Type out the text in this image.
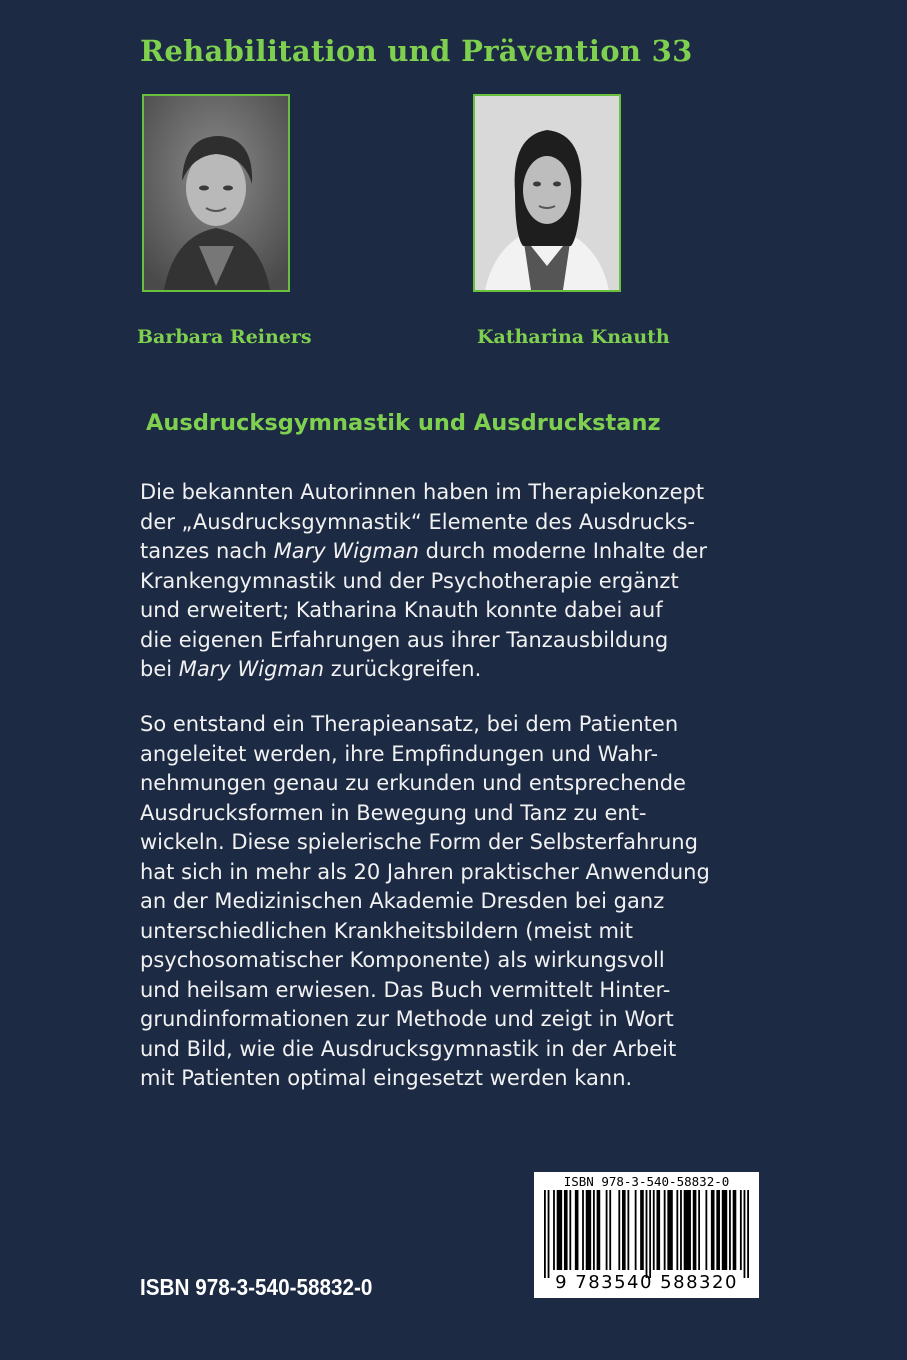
Rehabilitation und Prävention 33
Barbara Reiners	Katharina Knauth
Ausdrucksgymnastik und Ausdruckstanz
Die bekannten Autorinnen haben im Therapiekonzept
der „Ausdrucksgymnastik“ Elemente des Ausdrucks-
tanzes nach Mary Wigman durch moderne Inhalte der
Krankengymnastik und der Psychotherapie ergänzt
und erweitert; Katharina Knauth konnte dabei auf
die eigenen Erfahrungen aus ihrer Tanzausbildung
bei Mary Wigman zurückgreifen.
So entstand ein Therapieansatz, bei dem Patienten
angeleitet werden, ihre Empfindungen und Wahr-
nehmungen genau zu erkunden und entsprechende
Ausdrucksformen in Bewegung und Tanz zu ent-
wickeln. Diese spielerische Form der Selbsterfahrung
hat sich in mehr als 20 Jahren praktischer Anwendung
an der Medizinischen Akademie Dresden bei ganz
unterschiedlichen Krankheitsbildern (meist mit
psychosomatischer Komponente) als wirkungsvoll
und heilsam erwiesen. Das Buch vermittelt Hinter-
grundinformationen zur Methode und zeigt in Wort
und Bild, wie die Ausdrucksgymnastik in der Arbeit
mit Patienten optimal eingesetzt werden kann.
ISBN 978-3-540-58832-0
ISBN 978-3-540-58832-0
9 783540 588320
